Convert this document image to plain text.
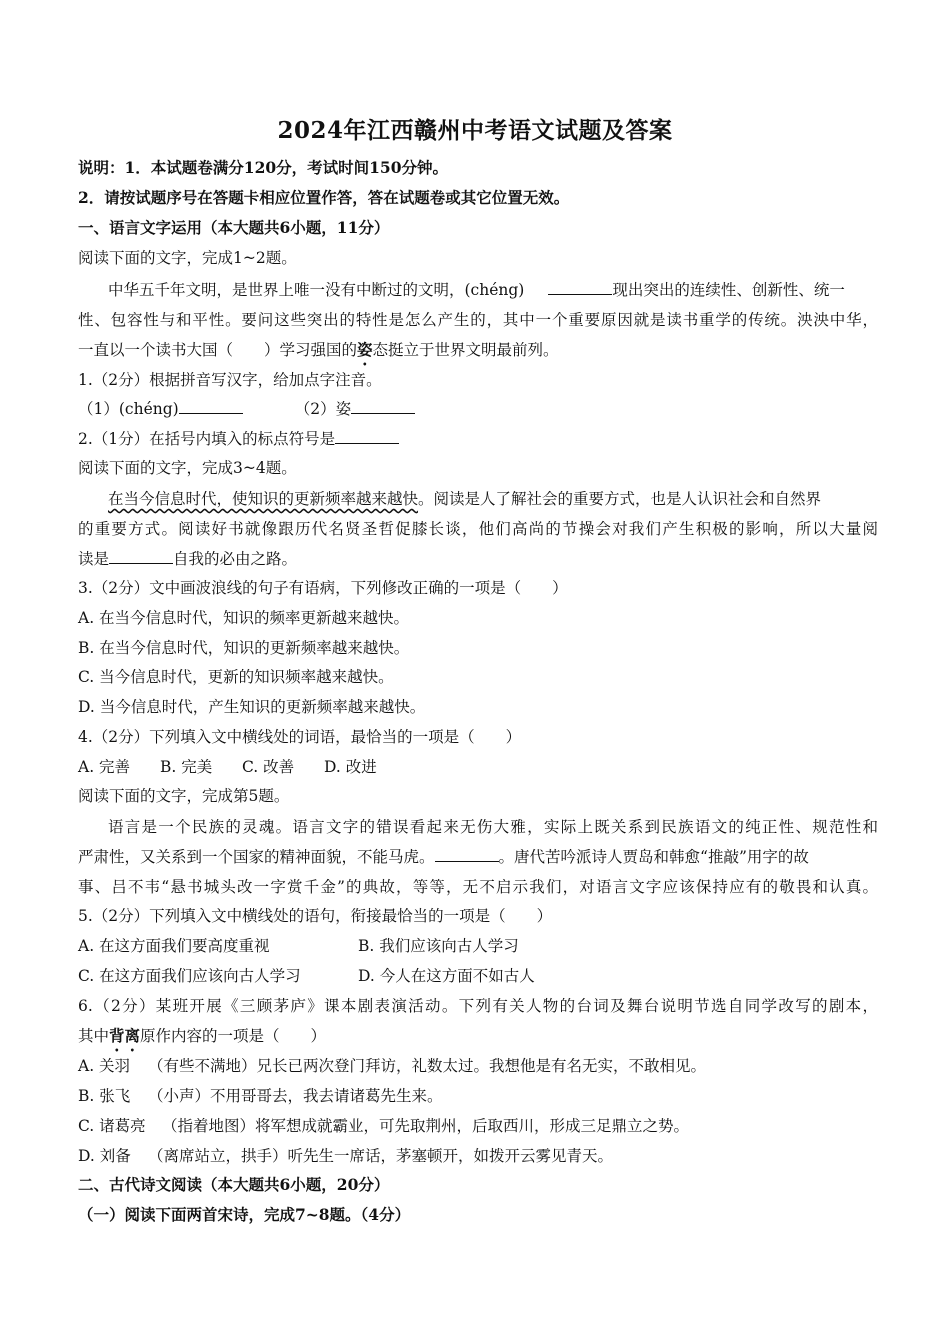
2024年江西赣州中考语文试题及答案
说明：1．本试题卷满分120分，考试时间150分钟。
2．请按试题序号在答题卡相应位置作答，答在试题卷或其它位置无效。
一、语言文字运用（本大题共6小题，11分）
阅读下面的文字，完成1~2题。
中华五千年文明，是世界上唯一没有中断过的文明，(chéng)	现出突出的连续性、创新性、统一
性、包容性与和平性。要问这些突出的特性是怎么产生的，其中一个重要原因就是读书重学的传统。泱泱中华，
一直以一个读书大国（　　）学习强国的姿态挺立于世界文明最前列。
1.（2分）根据拼音写汉字，给加点字注音。
（1）(chéng)	（2）姿
2.（1分）在括号内填入的标点符号是
阅读下面的文字，完成3~4题。
在当今信息时代，使知识的更新频率越来越快。阅读是人了解社会的重要方式，也是人认识社会和自然界
的重要方式。阅读好书就像跟历代名贤圣哲促膝长谈，他们高尚的节操会对我们产生积极的影响，所以大量阅
读是	自我的必由之路。
3.（2分）文中画波浪线的句子有语病，下列修改正确的一项是（　　）
A. 在当今信息时代，知识的频率更新越来越快。
B. 在当今信息时代，知识的更新频率越来越快。
C. 当今信息时代，更新的知识频率越来越快。
D. 当今信息时代，产生知识的更新频率越来越快。
4.（2分）下列填入文中横线处的词语，最恰当的一项是（　　）
A. 完善 B. 完美 C. 改善 D. 改进
阅读下面的文字，完成第5题。
语言是一个民族的灵魂。语言文字的错误看起来无伤大雅，实际上既关系到民族语文的纯正性、规范性和
严肃性，又关系到一个国家的精神面貌，不能马虎。	。唐代苦吟派诗人贾岛和韩愈“推敲”用字的故
事、吕不韦“悬书城头改一字赏千金”的典故，等等，无不启示我们，对语言文字应该保持应有的敬畏和认真。
5.（2分）下列填入文中横线处的语句，衔接最恰当的一项是（　　）
A. 在这方面我们要高度重视	B. 我们应该向古人学习
C. 在这方面我们应该向古人学习	D. 今人在这方面不如古人
6.（2分）某班开展《三顾茅庐》课本剧表演活动。下列有关人物的台词及舞台说明节选自同学改写的剧本，
其中背离原作内容的一项是（　　）
A. 关羽 （有些不满地）兄长已两次登门拜访，礼数太过。我想他是有名无实，不敢相见。
B. 张飞 （小声）不用哥哥去，我去请诸葛先生来。
C. 诸葛亮 （指着地图）将军想成就霸业，可先取荆州，后取西川，形成三足鼎立之势。
D. 刘备 （离席站立，拱手）听先生一席话，茅塞顿开，如拨开云雾见青天。
二、古代诗文阅读（本大题共6小题，20分）
（一）阅读下面两首宋诗，完成7~8题。（4分）
